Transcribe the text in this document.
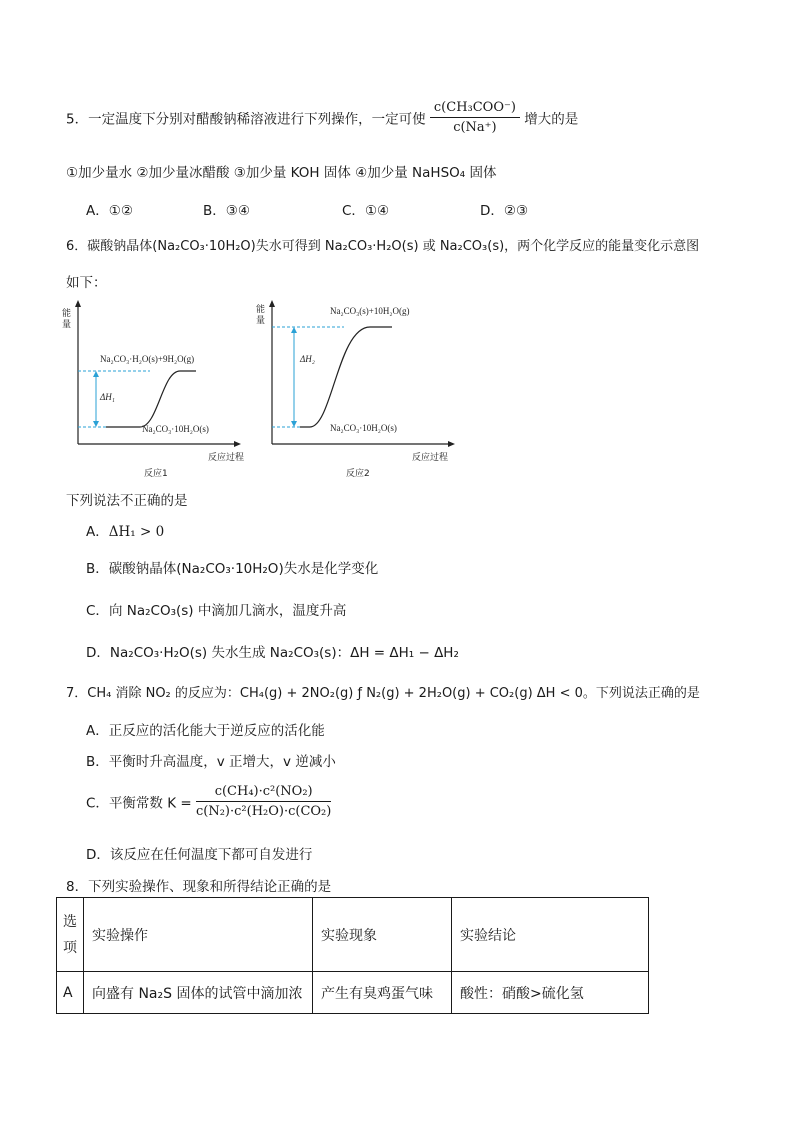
5．一定温度下分别对醋酸钠稀溶液进行下列操作，一定可使 $\frac{\text{c(CH₃COO⁻)}}{c(Na^+)}$ 增大的是
①加少量水 ②加少量冰醋酸 ③加少量 KOH 固体 ④加少量 NaHSO₄ 固体
A．①②	B．③④	C．①④	D．②③
6．碳酸钠晶体(Na₂CO₃·10H₂O)失水可得到 Na₂CO₃·H₂O(s) 或 Na₂CO₃(s)，两个化学反应的能量变化示意图
如下：
能量
反应过程
反应1
ΔH₁
Na₂CO₃·H₂O(s)+9H₂O(g)
Na₂CO₃·10H₂O(s)
能量
反应过程
反应2
ΔH₂
Na₂CO₃(s)+10H₂O(g)
Na₂CO₃·10H₂O(s)
下列说法不正确的是
A．ΔH₁ > 0
B．碳酸钠晶体(Na₂CO₃·10H₂O)失水是化学变化
C．向 Na₂CO₃(s) 中滴加几滴水，温度升高
D．Na₂CO₃·H₂O(s) 失水生成 Na₂CO₃(s)：ΔH = ΔH₁ − ΔH₂
7．CH₄ 消除 NO₂ 的反应为：CH₄(g) + 2NO₂(g) ƒ N₂(g) + 2H₂O(g) + CO₂(g) ΔH < 0。下列说法正确的是
A．正反应的活化能大于逆反应的活化能
B．平衡时升高温度，v 正增大，v 逆减小
C．平衡常数 $K = \frac{\text{c(CH₄)·c²(NO₂)}}{\text{c(N₂)·c²(H₂O)·c(CO₂)}}$
D．该反应在任何温度下都可自发进行
8．下列实验操作、现象和所得结论正确的是
选项	实验操作	实验现象	实验结论
A	向盛有 Na₂S 固体的试管中滴加浓	产生有臭鸡蛋气味	酸性：硝酸>硫化氢
